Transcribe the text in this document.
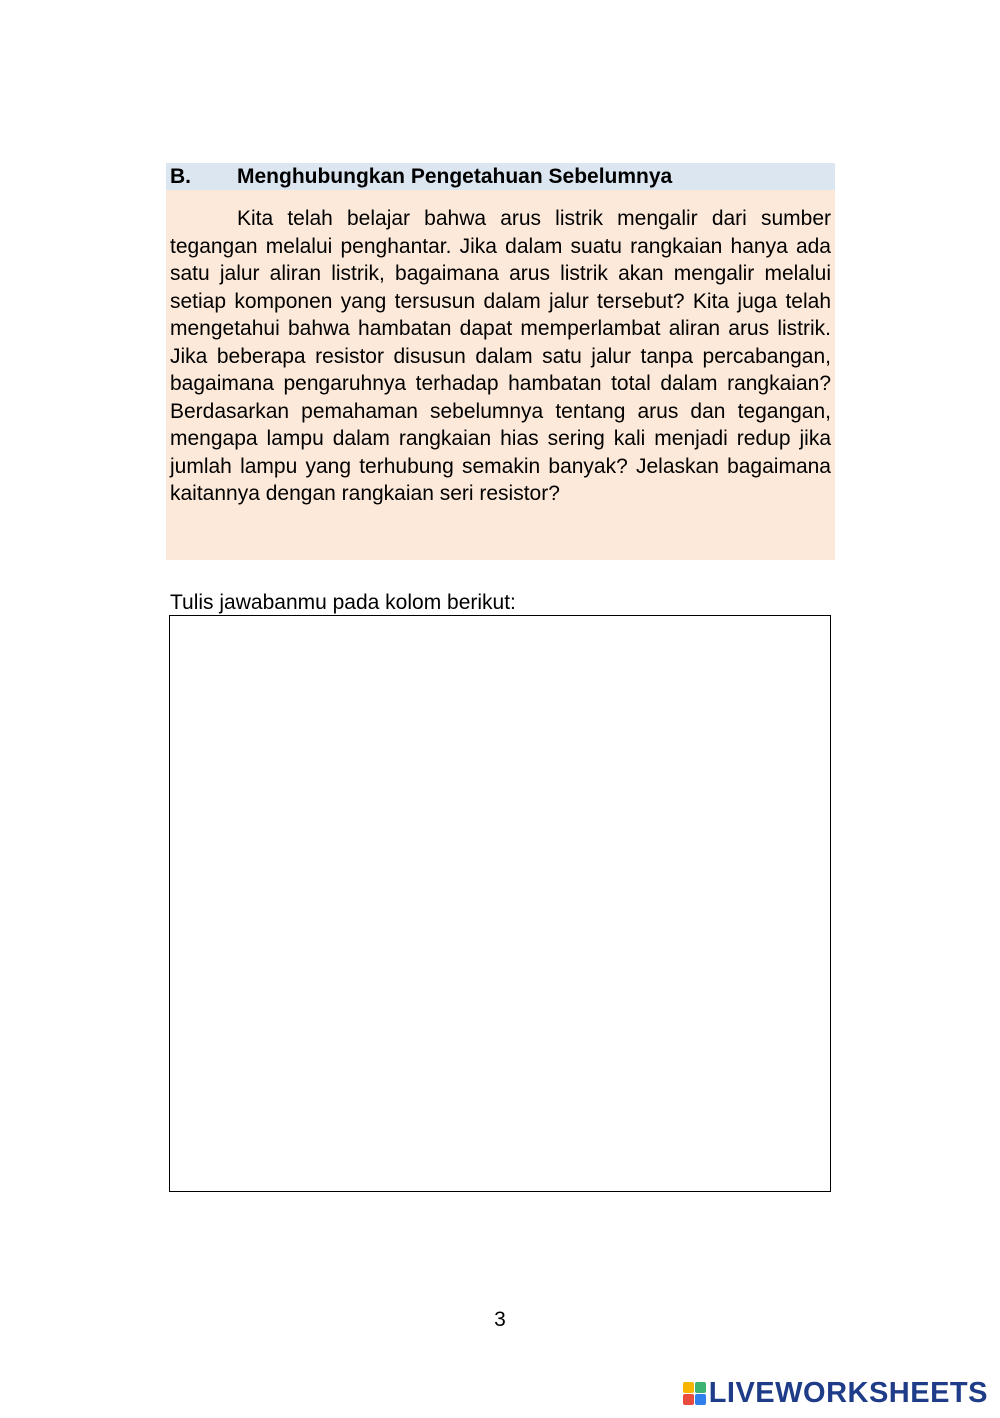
B. Menghubungkan Pengetahuan Sebelumnya

Kita telah belajar bahwa arus listrik mengalir dari sumber tegangan melalui penghantar. Jika dalam suatu rangkaian hanya ada satu jalur aliran listrik, bagaimana arus listrik akan mengalir melalui setiap komponen yang tersusun dalam jalur tersebut? Kita juga telah mengetahui bahwa hambatan dapat memperlambat aliran arus listrik. Jika beberapa resistor disusun dalam satu jalur tanpa percabangan, bagaimana pengaruhnya terhadap hambatan total dalam rangkaian? Berdasarkan pemahaman sebelumnya tentang arus dan tegangan, mengapa lampu dalam rangkaian hias sering kali menjadi redup jika jumlah lampu yang terhubung semakin banyak? Jelaskan bagaimana kaitannya dengan rangkaian seri resistor?

Tulis jawabanmu pada kolom berikut:
3
LIVEWORKSHEETS
